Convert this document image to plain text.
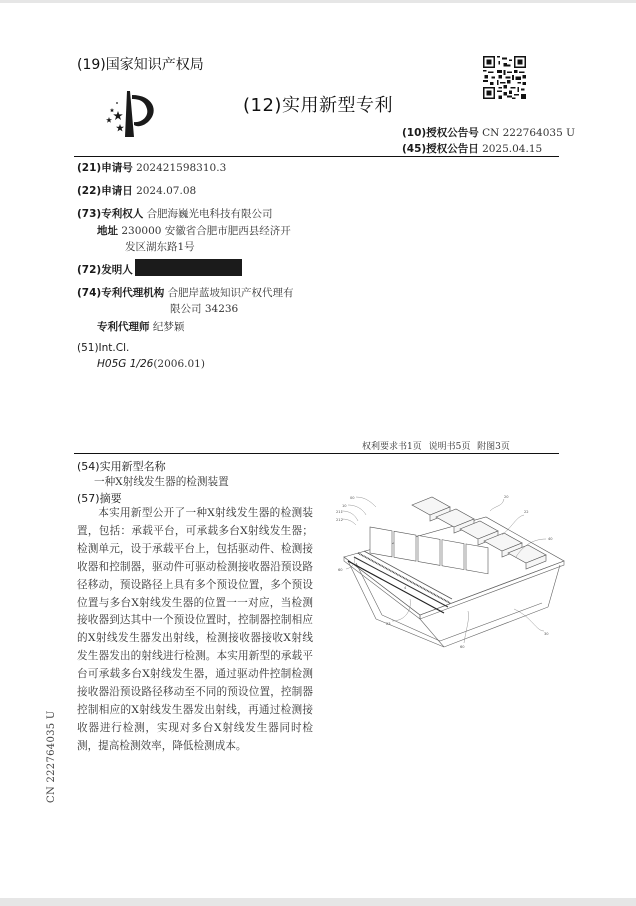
(19)国家知识产权局
(12)实用新型专利
(10)授权公告号 CN 222764035 U
(45)授权公告日 2025.04.15
(21)申请号 202421598310.3
(22)申请日 2024.07.08
(73)专利权人 合肥海巍光电科技有限公司
地址 230000 安徽省合肥市肥西县经济开
发区湖东路1号
(72)发明人
(74)专利代理机构 合肥岸蓝坡知识产权代理有
限公司 34236
专利代理师 纪梦颖
(51)Int.Cl.
H05G 1/26(2006.01)
权利要求书1页 说明书5页 附图3页
(54)实用新型名称
一种X射线发生器的检测装置
(57)摘要
本实用新型公开了一种X射线发生器的检测装置，包括：承载平台，可承载多台X射线发生器；检测单元，设于承载平台上，包括驱动件、检测接收器和控制器，驱动件可驱动检测接收器沿预设路径移动，预设路径上具有多个预设位置，多个预设位置与多台X射线发生器的位置一一对应，当检测接收器到达其中一个预设位置时，控制器控制相应的X射线发生器发出射线，检测接收器接收X射线发生器发出的射线进行检测。本实用新型的承载平台可承载多台X射线发生器，通过驱动件控制检测接收器沿预设路径移动至不同的预设位置，控制器控制相应的X射线发生器发出射线，再通过检测接收器进行检测，实现对多台X射线发生器同时检测，提高检测效率，降低检测成本。
00
10
211
212
60
20
22
40
4
23
60
30
CN 222764035 U
